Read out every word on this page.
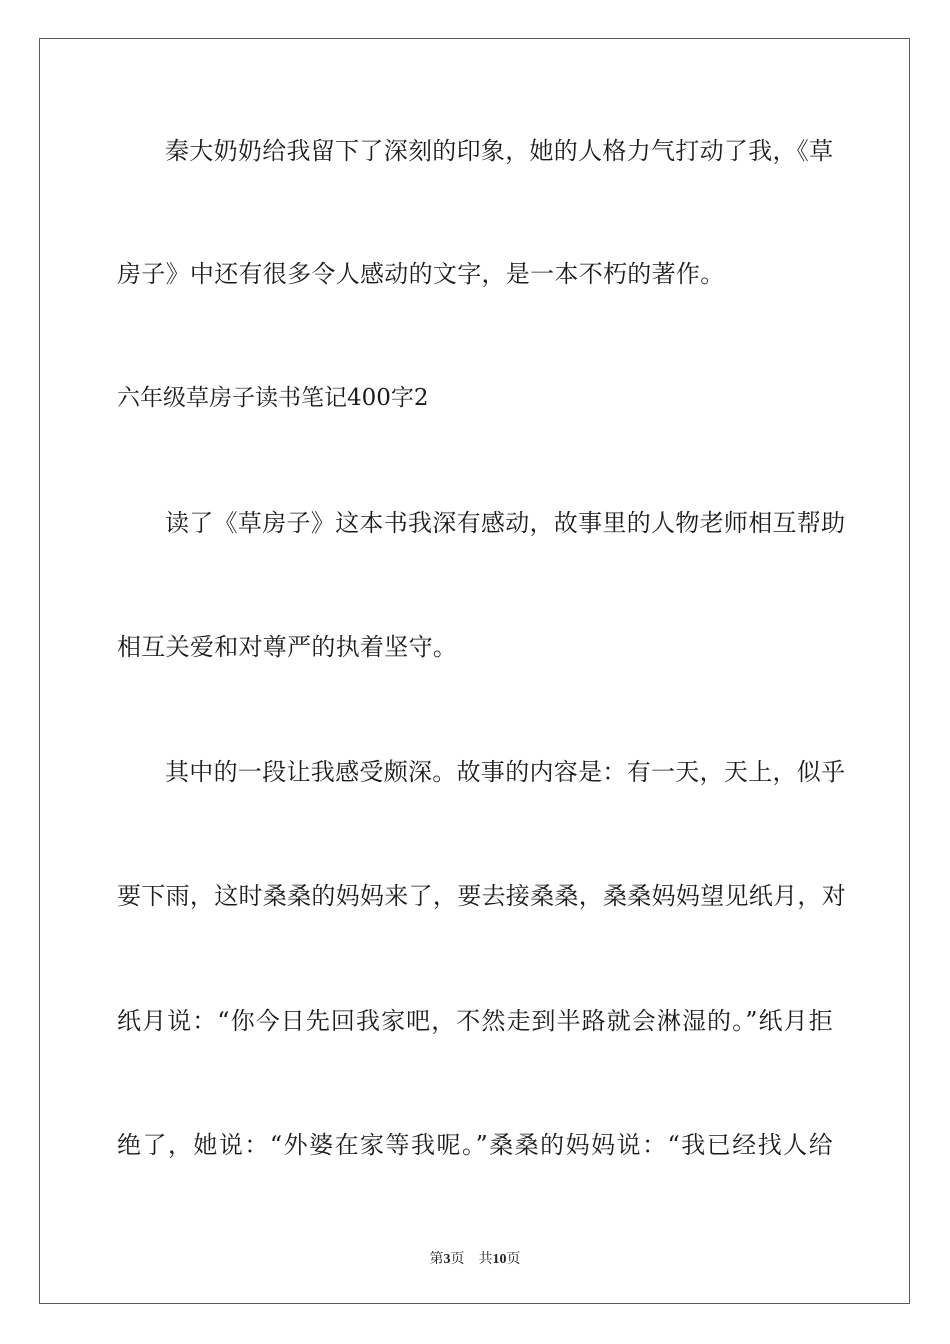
秦大奶奶给我留下了深刻的印象，她的人格力气打动了我，《草
房子》中还有很多令人感动的文字，是一本不朽的著作。
六年级草房子读书笔记400字2
读了《草房子》这本书我深有感动，故事里的人物老师相互帮助
相互关爱和对尊严的执着坚守。
其中的一段让我感受颇深。故事的内容是：有一天，天上，似乎
要下雨，这时桑桑的妈妈来了，要去接桑桑，桑桑妈妈望见纸月，对
纸月说：“你今日先回我家吧，不然走到半路就会淋湿的。”纸月拒
绝了，她说：“外婆在家等我呢。”桑桑的妈妈说：“我已经找人给
第3页 共10页
